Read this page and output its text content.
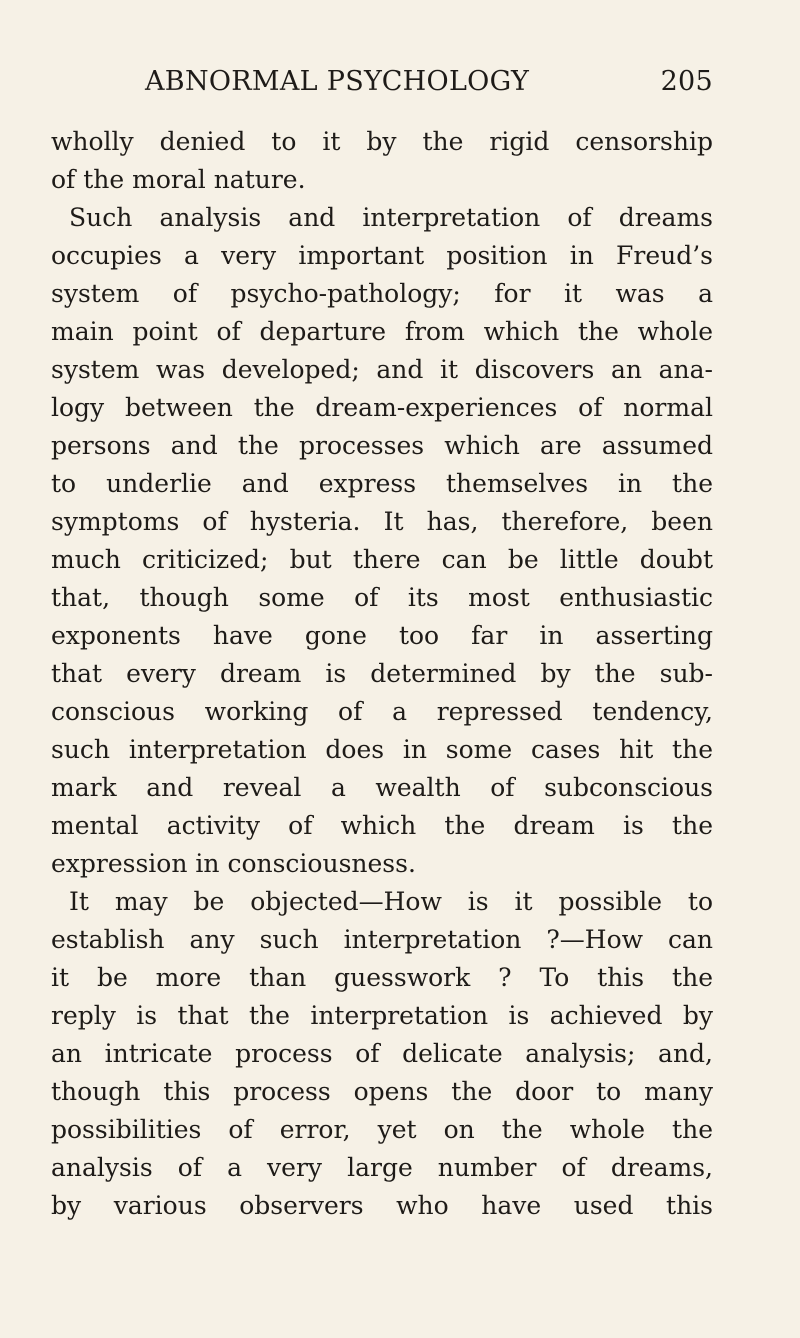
ABNORMAL PSYCHOLOGY	205
wholly denied to it by the rigid censorship
of the moral nature.
Such analysis and interpretation of dreams
occupies a very important position in Freud’s
system of psycho-pathology; for it was a
main point of departure from which the whole
system was developed; and it discovers an ana-
logy between the dream-experiences of normal
persons and the processes which are assumed
to underlie and express themselves in the
symptoms of hysteria. It has, therefore, been
much criticized; but there can be little doubt
that, though some of its most enthusiastic
exponents have gone too far in asserting
that every dream is determined by the sub-
conscious working of a repressed tendency,
such interpretation does in some cases hit the
mark and reveal a wealth of subconscious
mental activity of which the dream is the
expression in consciousness.
It may be objected—How is it possible to
establish any such interpretation ?—How can
it be more than guesswork ? To this the
reply is that the interpretation is achieved by
an intricate process of delicate analysis; and,
though this process opens the door to many
possibilities of error, yet on the whole the
analysis of a very large number of dreams,
by various observers who have used this
